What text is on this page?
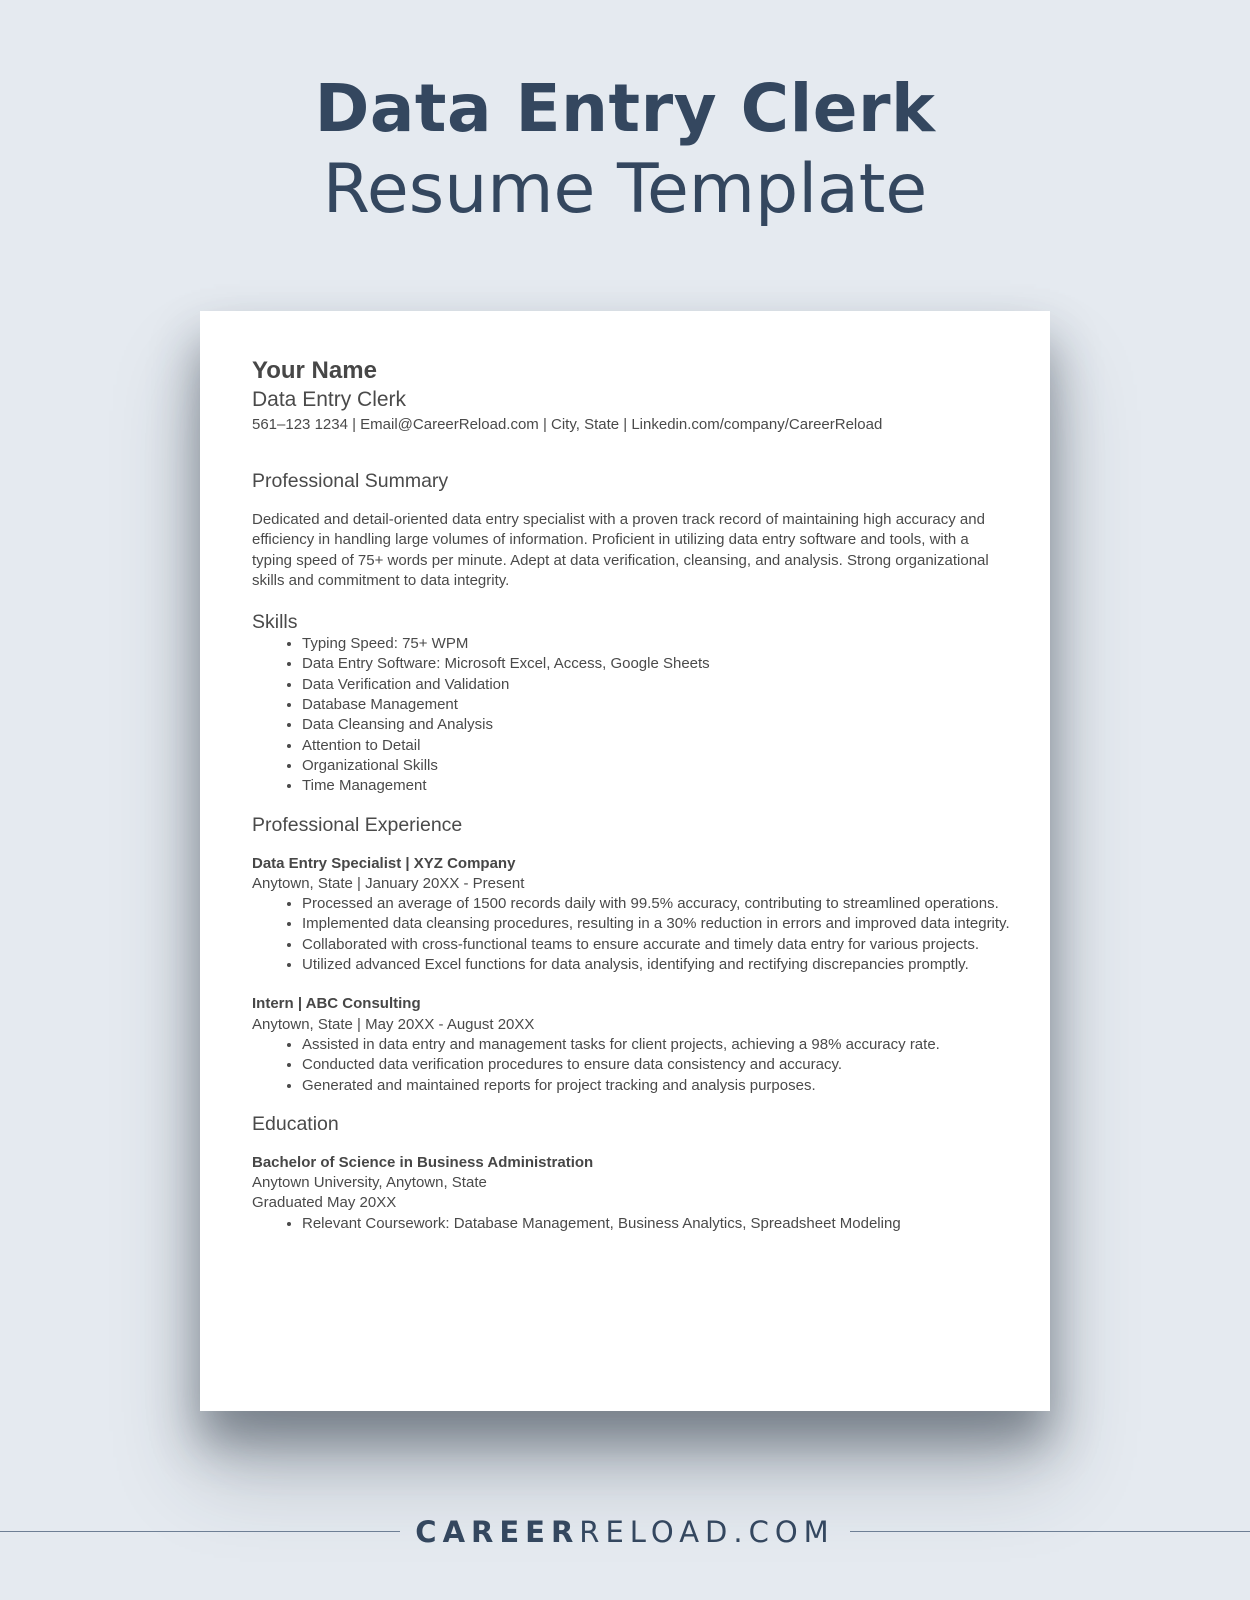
Data Entry Clerk
Resume Template

Your Name

Data Entry Clerk

561–123 1234 | Email@CareerReload.com | City, State | Linkedin.com/company/CareerReload

Professional Summary

Dedicated and detail-oriented data entry specialist with a proven track record of maintaining high accuracy and efficiency in handling large volumes of information. Proficient in utilizing data entry software and tools, with a typing speed of 75+ words per minute. Adept at data verification, cleansing, and analysis. Strong organizational skills and commitment to data integrity.

Skills

• Typing Speed: 75+ WPM
• Data Entry Software: Microsoft Excel, Access, Google Sheets
• Data Verification and Validation
• Database Management
• Data Cleansing and Analysis
• Attention to Detail
• Organizational Skills
• Time Management

Professional Experience

Data Entry Specialist | XYZ Company

Anytown, State | January 20XX - Present

• Processed an average of 1500 records daily with 99.5% accuracy, contributing to streamlined operations.
• Implemented data cleansing procedures, resulting in a 30% reduction in errors and improved data integrity.
• Collaborated with cross-functional teams to ensure accurate and timely data entry for various projects.
• Utilized advanced Excel functions for data analysis, identifying and rectifying discrepancies promptly.

Intern | ABC Consulting

Anytown, State | May 20XX - August 20XX

• Assisted in data entry and management tasks for client projects, achieving a 98% accuracy rate.
• Conducted data verification procedures to ensure data consistency and accuracy.
• Generated and maintained reports for project tracking and analysis purposes.

Education

Bachelor of Science in Business Administration

Anytown University, Anytown, State

Graduated May 20XX

• Relevant Coursework: Database Management, Business Analytics, Spreadsheet Modeling
CAREERRELOAD.COM
